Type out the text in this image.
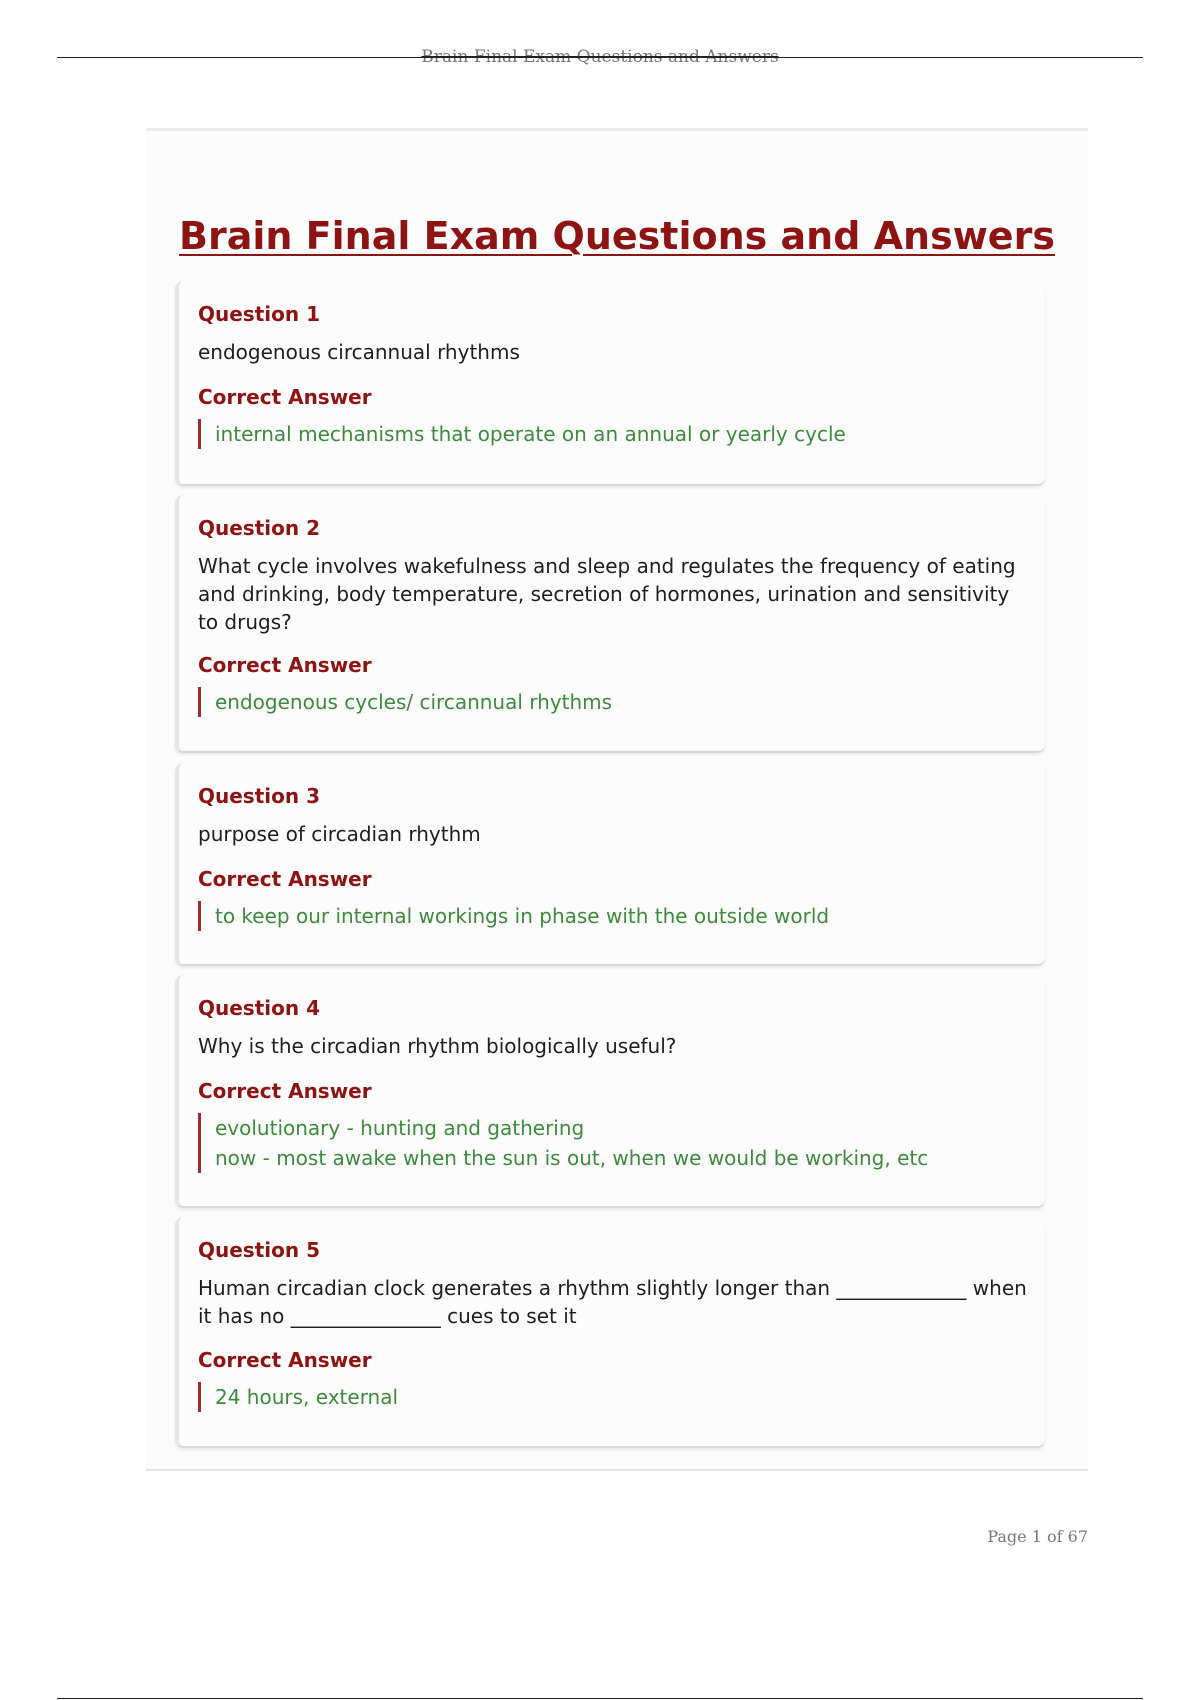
Brain Final Exam Questions and Answers
Brain Final Exam Questions and Answers
Question 1
endogenous circannual rhythms
Correct Answer
internal mechanisms that operate on an annual or yearly cycle
Question 2
What cycle involves wakefulness and sleep and regulates the frequency of eating and drinking, body temperature, secretion of hormones, urination and sensitivity to drugs?
Correct Answer
endogenous cycles/ circannual rhythms
Question 3
purpose of circadian rhythm
Correct Answer
to keep our internal workings in phase with the outside world
Question 4
Why is the circadian rhythm biologically useful?
Correct Answer
evolutionary - hunting and gathering
now - most awake when the sun is out, when we would be working, etc
Question 5
Human circadian clock generates a rhythm slightly longer than _____________ when it has no _______________ cues to set it
Correct Answer
24 hours, external
Page 1 of 67
